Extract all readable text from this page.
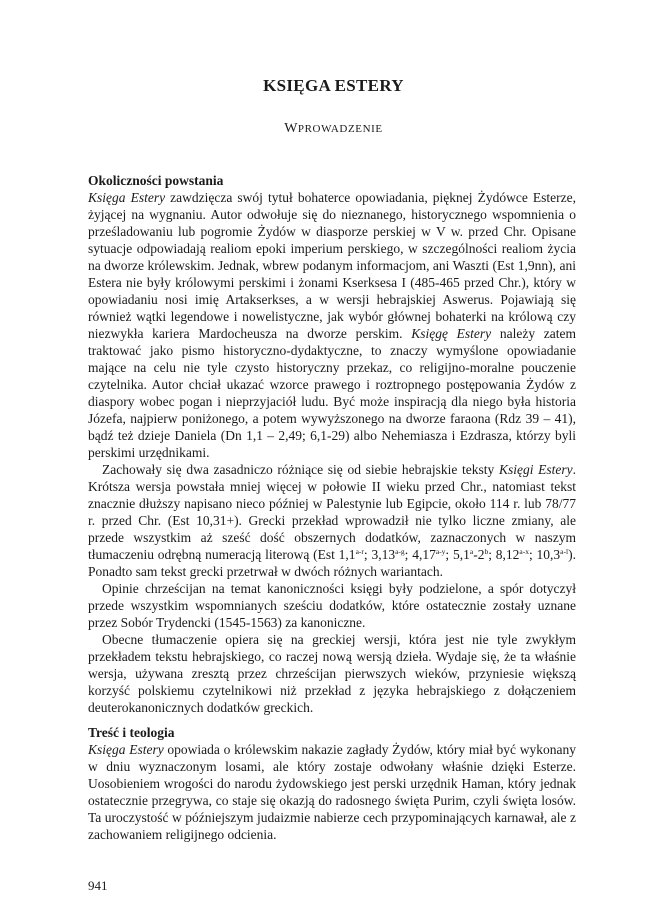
KSIĘGA ESTERY
WPROWADZENIE
Okoliczności powstania

Księga Estery zawdzięcza swój tytuł bohaterce opowiadania, pięknej Żydówce Esterze, żyjącej na wygnaniu. Autor odwołuje się do nieznanego, historycznego wspomnienia o prześladowaniu lub pogromie Żydów w diasporze perskiej w V w. przed Chr. Opisane sytuacje odpowiadają realiom epoki imperium perskiego, w szczególności realiom życia na dworze królewskim. Jednak, wbrew podanym informacjom, ani Waszti (Est 1,9nn), ani Estera nie były królowymi perskimi i żonami Kserksesa I (485-465 przed Chr.), który w opowiadaniu nosi imię Artakserkses, a w wersji hebrajskiej Aswerus. Pojawiają się również wątki legendowe i nowelistyczne, jak wybór głównej bohaterki na królową czy niezwykła kariera Mardocheusza na dworze perskim. Księgę Estery należy zatem traktować jako pismo historyczno-dydaktyczne, to znaczy wymyślone opowiadanie mające na celu nie tyle czysto historyczny przekaz, co religijno-moralne pouczenie czytelnika. Autor chciał ukazać wzorce prawego i roztropnego postępowania Żydów z diaspory wobec pogan i nieprzyjaciół ludu. Być może inspiracją dla niego była historia Józefa, najpierw poniżonego, a potem wywyższonego na dworze faraona (Rdz 39 – 41), bądź też dzieje Daniela (Dn 1,1 – 2,49; 6,1-29) albo Nehemiasza i Ezdrasza, którzy byli perskimi urzędnikami.

Zachowały się dwa zasadniczo różniące się od siebie hebrajskie teksty Księgi Estery. Krótsza wersja powstała mniej więcej w połowie II wieku przed Chr., natomiast tekst znacznie dłuższy napisano nieco później w Palestynie lub Egipcie, około 114 r. lub 78/77 r. przed Chr. (Est 10,31+). Grecki przekład wprowadził nie tylko liczne zmiany, ale przede wszystkim aż sześć dość obszernych dodatków, zaznaczonych w naszym tłumaczeniu odrębną numeracją literową (Est 1,1$^{a-r}$; 3,13$^{a-g}$; 4,17$^{a-y}$; 5,1$^a$-2$^b$; 8,12$^{a-x}$; 10,3$^{a-l}$). Ponadto sam tekst grecki przetrwał w dwóch różnych wariantach.

Opinie chrześcijan na temat kanoniczności księgi były podzielone, a spór dotyczył przede wszystkim wspomnianych sześciu dodatków, które ostatecznie zostały uznane przez Sobór Trydencki (1545-1563) za kanoniczne.

Obecne tłumaczenie opiera się na greckiej wersji, która jest nie tyle zwykłym przekładem tekstu hebrajskiego, co raczej nową wersją dzieła. Wydaje się, że ta właśnie wersja, używana zresztą przez chrześcijan pierwszych wieków, przyniesie większą korzyść polskiemu czytelnikowi niż przekład z języka hebrajskiego z dołączeniem deuterokanonicznych dodatków greckich.

Treść i teologia

Księga Estery opowiada o królewskim nakazie zagłady Żydów, który miał być wykonany w dniu wyznaczonym losami, ale który zostaje odwołany właśnie dzięki Esterze. Uosobieniem wrogości do narodu żydowskiego jest perski urzędnik Haman, który jednak ostatecznie przegrywa, co staje się okazją do radosnego święta Purim, czyli święta losów. Ta uroczystość w późniejszym judaizmie nabierze cech przypominających karnawał, ale z zachowaniem religijnego odcienia.

941
